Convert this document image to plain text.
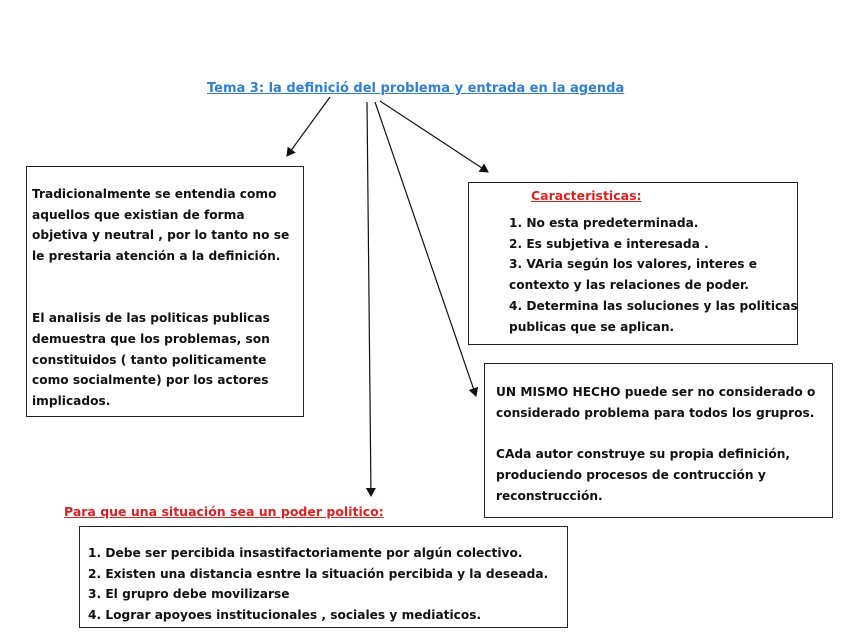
Tema 3: la definició del problema y entrada en la agenda

Tradicionalmente se entendia como

aquellos que existian de forma

objetiva y neutral , por lo tanto no se

le prestaria atención a la definición.

El analisis de las politicas publicas

demuestra que los problemas, son

constituidos ( tanto politicamente

como socialmente) por los actores

implicados.

Caracteristicas:

1. No esta predeterminada.

2. Es subjetiva e interesada .

3. VAria según los valores, interes e

contexto y las relaciones de poder.

4. Determina las soluciones y las politicas

publicas que se aplican.

UN MISMO HECHO puede ser no considerado o

considerado problema para todos los grupros.

CAda autor construye su propia definición,

produciendo procesos de contrucción y

reconstrucción.

Para que una situación sea un poder politico:

1. Debe ser percibida insastifactoriamente por algún colectivo.

2. Existen una distancia esntre la situación percibida y la deseada.

3. El grupro debe movilizarse

4. Lograr apoyoes institucionales , sociales y mediaticos.
